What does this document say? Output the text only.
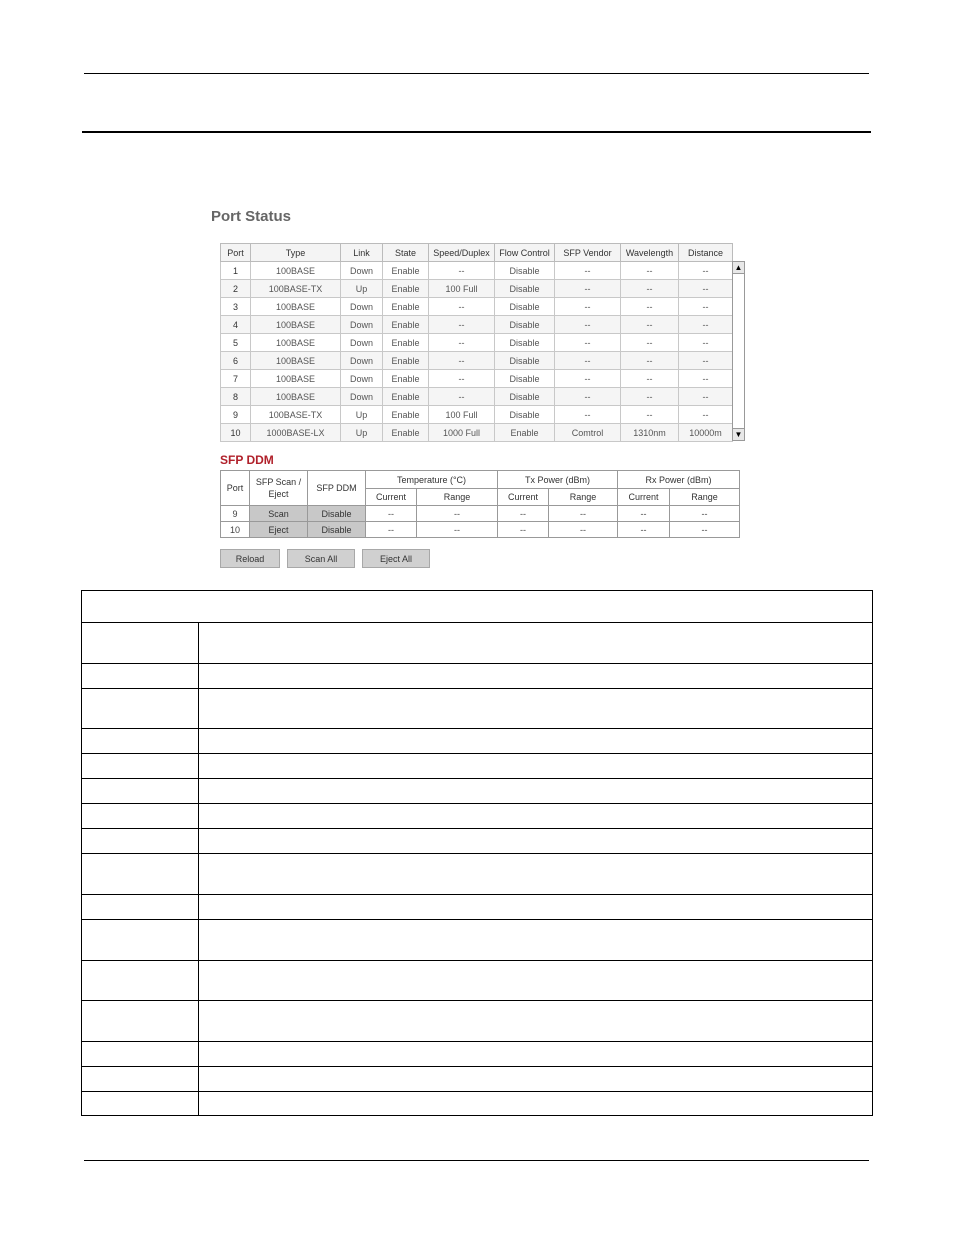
Port Status
Port	Type	Link	State	Speed/Duplex	Flow Control	SFP Vendor	Wavelength	Distance
1	100BASE	Down	Enable	--	Disable	--	--	--
2	100BASE-TX	Up	Enable	100 Full	Disable	--	--	--
3	100BASE	Down	Enable	--	Disable	--	--	--
4	100BASE	Down	Enable	--	Disable	--	--	--
5	100BASE	Down	Enable	--	Disable	--	--	--
6	100BASE	Down	Enable	--	Disable	--	--	--
7	100BASE	Down	Enable	--	Disable	--	--	--
8	100BASE	Down	Enable	--	Disable	--	--	--
9	100BASE-TX	Up	Enable	100 Full	Disable	--	--	--
10	1000BASE-LX	Up	Enable	1000 Full	Enable	Comtrol	1310nm	10000m
▲
▼
SFP DDM
Port	SFP Scan / Eject	SFP DDM	Temperature (°C)		Tx Power (dBm)		Rx Power (dBm)	
			Current	Range	Current	Range	Current	Range
9	Scan	Disable	--	--	--	--	--	--
10	Eject	Disable	--	--	--	--	--	--
Reload	Scan All	Eject All
